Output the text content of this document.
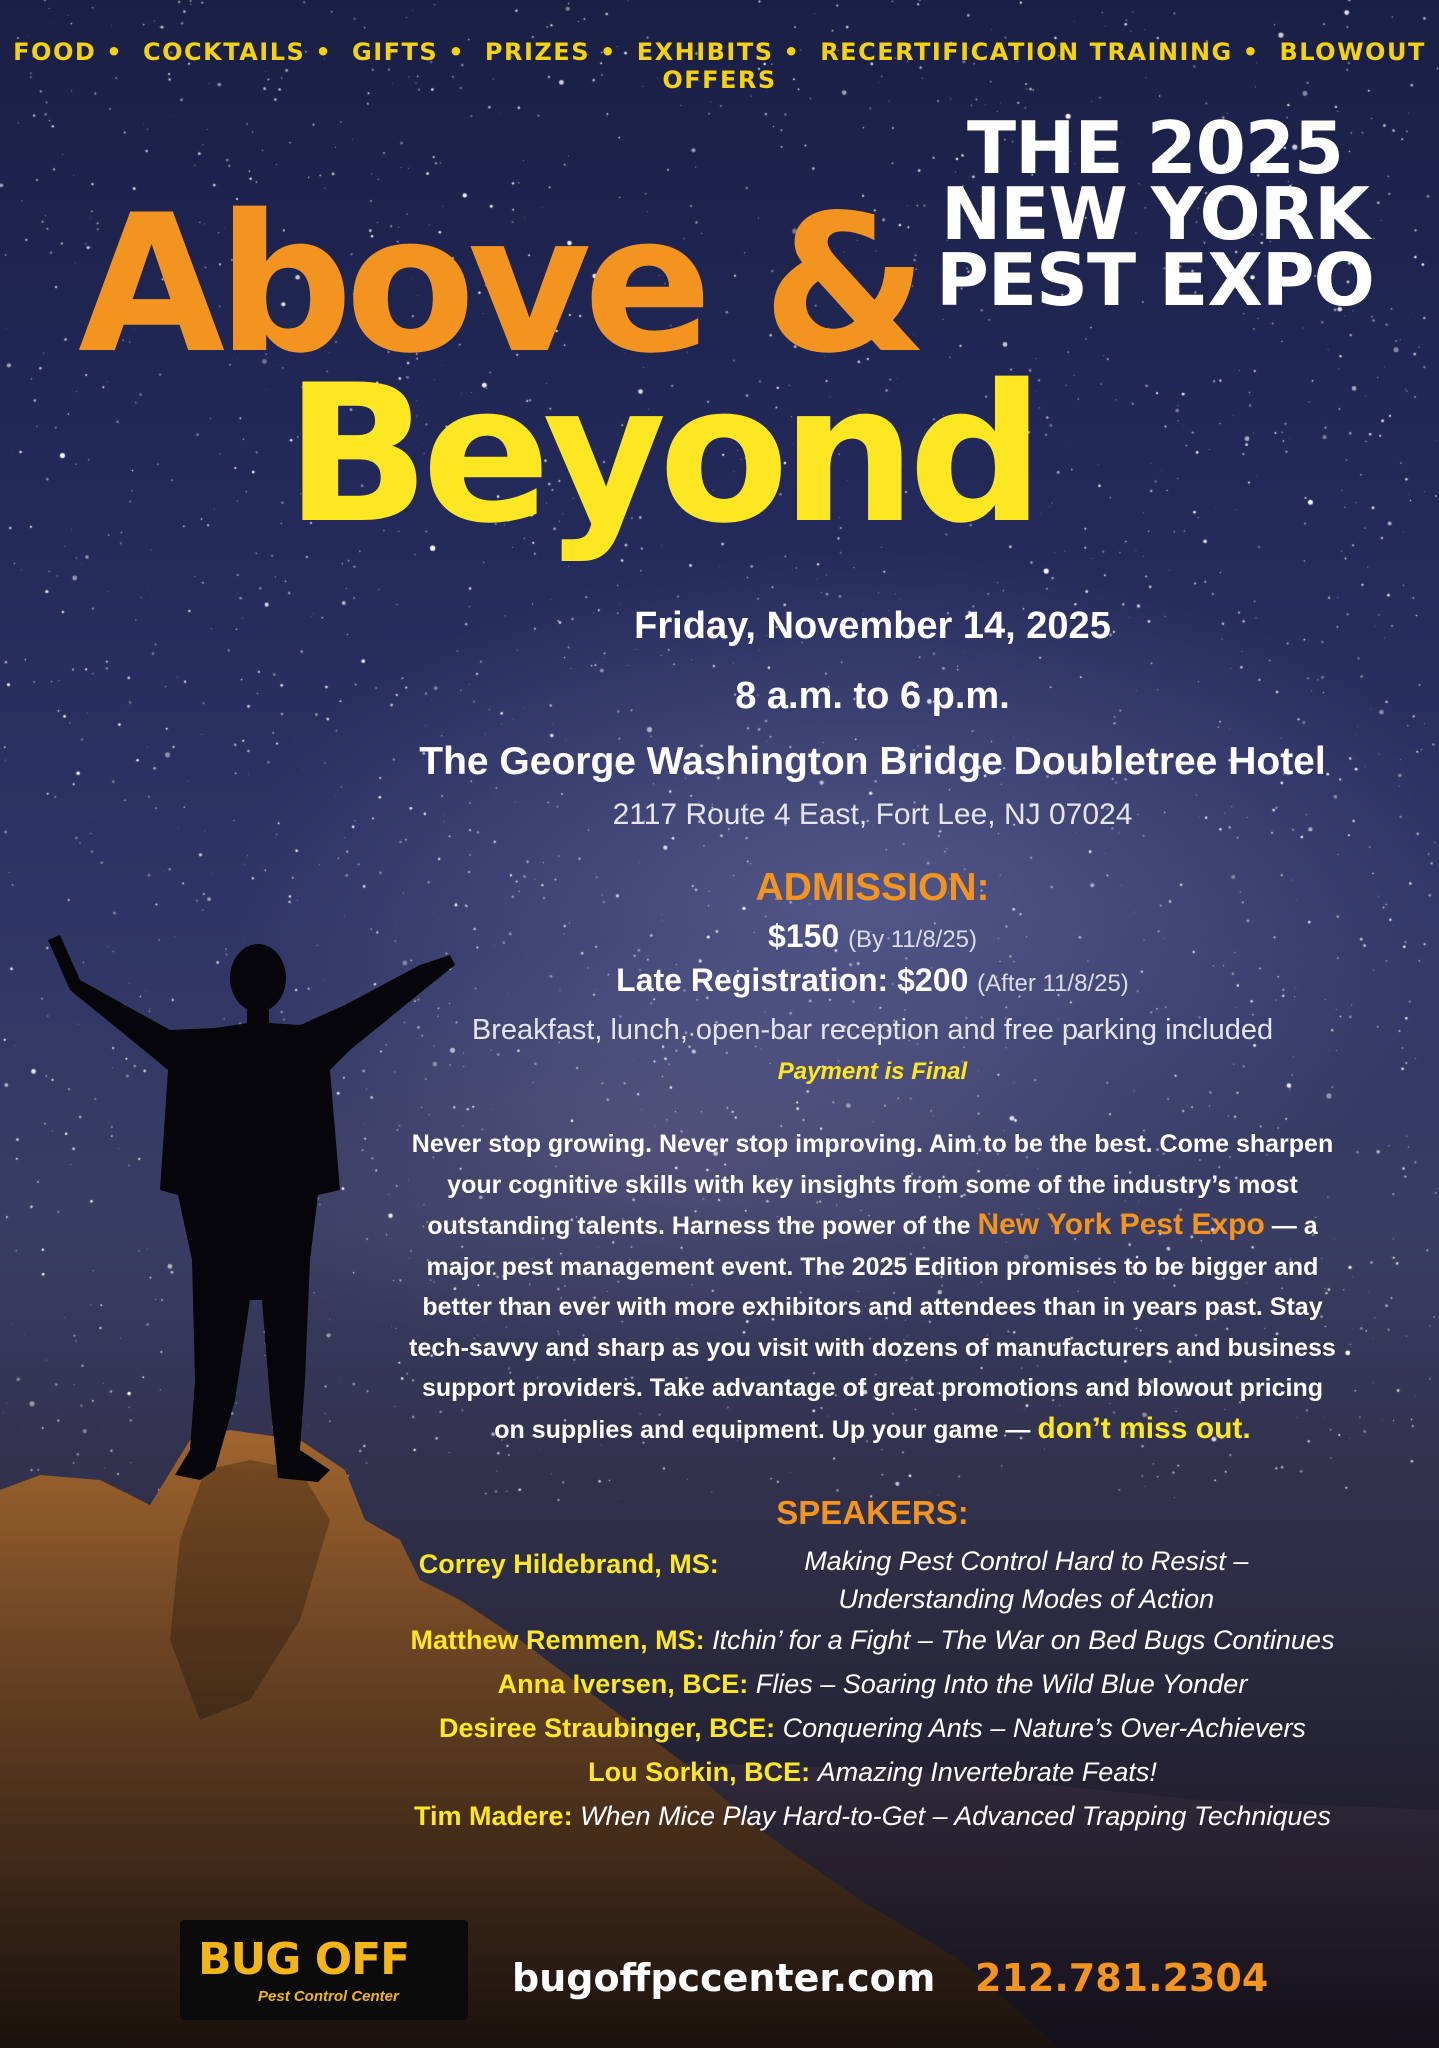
FOOD • COCKTAILS • GIFTS • PRIZES • EXHIBITS • RECERTIFICATION TRAINING • BLOWOUT OFFERS
THE 2025
NEW YORK
PEST EXPO
Above &
Beyond
Friday, November 14, 2025
8 a.m. to 6 p.m.
The George Washington Bridge Doubletree Hotel
2117 Route 4 East, Fort Lee, NJ 07024
ADMISSION:
$150 (By 11/8/25)
Late Registration: $200 (After 11/8/25)
Breakfast, lunch, open-bar reception and free parking included
Payment is Final
Never stop growing. Never stop improving. Aim to be the best. Come sharpen your cognitive skills with key insights from some of the industry’s most outstanding talents. Harness the power of the New York Pest Expo — a major pest management event. The 2025 Edition promises to be bigger and better than ever with more exhibitors and attendees than in years past. Stay tech-savvy and sharp as you visit with dozens of manufacturers and business support providers. Take advantage of great promotions and blowout pricing on supplies and equipment. Up your game — don’t miss out.
SPEAKERS:
Correy Hildebrand, MS:	Making Pest Control Hard to Resist – Understanding Modes of Action
Matthew Remmen, MS: Itchin’ for a Fight – The War on Bed Bugs Continues
Anna Iversen, BCE: Flies – Soaring Into the Wild Blue Yonder
Desiree Straubinger, BCE: Conquering Ants – Nature’s Over-Achievers
Lou Sorkin, BCE: Amazing Invertebrate Feats!
Tim Madere: When Mice Play Hard-to-Get – Advanced Trapping Techniques
BUG OFF
Pest Control Center	bugoffpccenter.com 212.781.2304
